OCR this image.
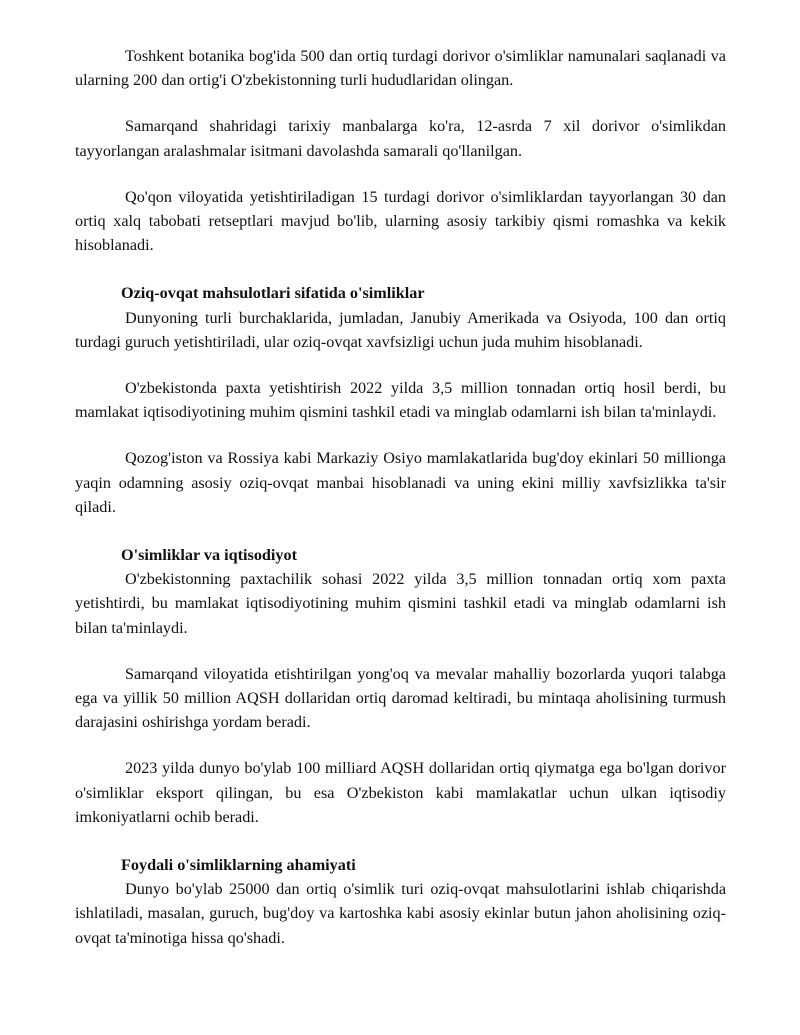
Toshkent botanika bog'ida 500 dan ortiq turdagi dorivor o'simliklar namunalari saqlanadi va ularning 200 dan ortig'i O'zbekistonning turli hududlaridan olingan.

Samarqand shahridagi tarixiy manbalarga ko'ra, 12-asrda 7 xil dorivor o'simlikdan tayyorlangan aralashmalar isitmani davolashda samarali qo'llanilgan.

Qo'qon viloyatida yetishtiriladigan 15 turdagi dorivor o'simliklardan tayyorlangan 30 dan ortiq xalq tabobati retseptlari mavjud bo'lib, ularning asosiy tarkibiy qismi romashka va kekik hisoblanadi.

Oziq-ovqat mahsulotlari sifatida o'simliklar

Dunyoning turli burchaklarida, jumladan, Janubiy Amerikada va Osiyoda, 100 dan ortiq turdagi guruch yetishtiriladi, ular oziq-ovqat xavfsizligi uchun juda muhim hisoblanadi.

O'zbekistonda paxta yetishtirish 2022 yilda 3,5 million tonnadan ortiq hosil berdi, bu mamlakat iqtisodiyotining muhim qismini tashkil etadi va minglab odamlarni ish bilan ta'minlaydi.

Qozog'iston va Rossiya kabi Markaziy Osiyo mamlakatlarida bug'doy ekinlari 50 millionga yaqin odamning asosiy oziq-ovqat manbai hisoblanadi va uning ekini milliy xavfsizlikka ta'sir qiladi.

O'simliklar va iqtisodiyot

O'zbekistonning paxtachilik sohasi 2022 yilda 3,5 million tonnadan ortiq xom paxta yetishtirdi, bu mamlakat iqtisodiyotining muhim qismini tashkil etadi va minglab odamlarni ish bilan ta'minlaydi.

Samarqand viloyatida etishtirilgan yong'oq va mevalar mahalliy bozorlarda yuqori talabga ega va yillik 50 million AQSH dollaridan ortiq daromad keltiradi, bu mintaqa aholisining turmush darajasini oshirishga yordam beradi.

2023 yilda dunyo bo'ylab 100 milliard AQSH dollaridan ortiq qiymatga ega bo'lgan dorivor o'simliklar eksport qilingan, bu esa O'zbekiston kabi mamlakatlar uchun ulkan iqtisodiy imkoniyatlarni ochib beradi.

Foydali o'simliklarning ahamiyati

Dunyo bo'ylab 25000 dan ortiq o'simlik turi oziq-ovqat mahsulotlarini ishlab chiqarishda ishlatiladi, masalan, guruch, bug'doy va kartoshka kabi asosiy ekinlar butun jahon aholisining oziq-ovqat ta'minotiga hissa qo'shadi.
